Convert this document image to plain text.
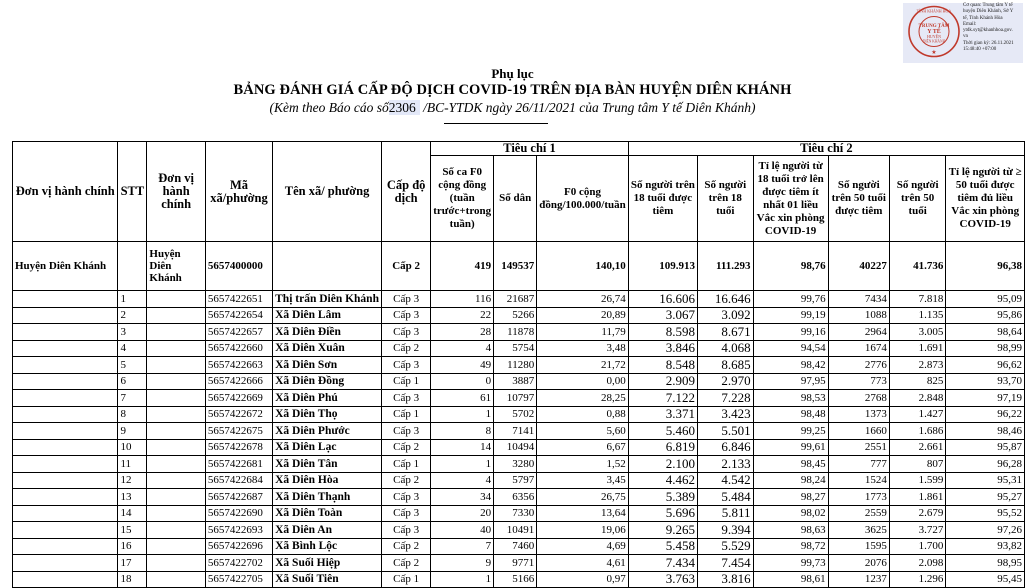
TRUNG TÂM
Y TẾ
HUYỆN
DIÊN KHÁNH
TỈNH KHÁNH HÒA
★
Cơ quan: Trung tâm Y tế
huyện Diên Khánh, Sở Y
tế, Tỉnh Khánh Hòa
Email:
ytdk.syt@khanhhoa.gov.
vn
Thời gian ký: 26.11.2021
15:48:40 +07:00
Phụ lục
BẢNG ĐÁNH GIÁ CẤP ĐỘ DỊCH COVID-19 TRÊN ĐỊA BÀN HUYỆN DIÊN KHÁNH
(Kèm theo Báo cáo số2306 /BC-YTDK ngày 26/11/2021 của Trung tâm Y tế Diên Khánh)
Đơn vị hành chính	STT	Đơn vị hành chính	Mã xã/phường	Tên xã/ phường	Cấp độ dịch	Tiêu chí 1			Tiêu chí 2					
						Số ca F0 cộng đồng (tuần trước+trong tuần)	Số dân	F0 cộng đồng/100.000/tuần	Số người trên 18 tuổi được tiêm	Số người trên 18 tuổi	Tỉ lệ người từ 18 tuổi trở lên được tiêm ít nhất 01 liều Vắc xin phòng COVID-19	Số người trên 50 tuổi được tiêm	Số người trên 50 tuổi	Tỉ lệ người từ ≥ 50 tuổi được tiêm đủ liều Vắc xin phòng COVID-19
Huyện Diên Khánh		Huyện Diên Khánh	5657400000		Cấp 2	419	149537	140,10	109.913	111.293	98,76	40227	41.736	96,38
	1		5657422651	Thị trấn Diên Khánh	Cấp 3	116	21687	26,74	16.606	16.646	99,76	7434	7.818	95,09
	2		5657422654	Xã Diên Lâm	Cấp 3	22	5266	20,89	3.067	3.092	99,19	1088	1.135	95,86
	3		5657422657	Xã Diên Điền	Cấp 3	28	11878	11,79	8.598	8.671	99,16	2964	3.005	98,64
	4		5657422660	Xã Diên Xuân	Cấp 2	4	5754	3,48	3.846	4.068	94,54	1674	1.691	98,99
	5		5657422663	Xã Diên Sơn	Cấp 3	49	11280	21,72	8.548	8.685	98,42	2776	2.873	96,62
	6		5657422666	Xã Diên Đồng	Cấp 1	0	3887	0,00	2.909	2.970	97,95	773	825	93,70
	7		5657422669	Xã Diên Phú	Cấp 3	61	10797	28,25	7.122	7.228	98,53	2768	2.848	97,19
	8		5657422672	Xã Diên Thọ	Cấp 1	1	5702	0,88	3.371	3.423	98,48	1373	1.427	96,22
	9		5657422675	Xã Diên Phước	Cấp 3	8	7141	5,60	5.460	5.501	99,25	1660	1.686	98,46
	10		5657422678	Xã Diên Lạc	Cấp 2	14	10494	6,67	6.819	6.846	99,61	2551	2.661	95,87
	11		5657422681	Xã Diên Tân	Cấp 1	1	3280	1,52	2.100	2.133	98,45	777	807	96,28
	12		5657422684	Xã Diên Hòa	Cấp 2	4	5797	3,45	4.462	4.542	98,24	1524	1.599	95,31
	13		5657422687	Xã Diên Thạnh	Cấp 3	34	6356	26,75	5.389	5.484	98,27	1773	1.861	95,27
	14		5657422690	Xã Diên Toàn	Cấp 3	20	7330	13,64	5.696	5.811	98,02	2559	2.679	95,52
	15		5657422693	Xã Diên An	Cấp 3	40	10491	19,06	9.265	9.394	98,63	3625	3.727	97,26
	16		5657422696	Xã Bình Lộc	Cấp 2	7	7460	4,69	5.458	5.529	98,72	1595	1.700	93,82
	17		5657422702	Xã Suối Hiệp	Cấp 2	9	9771	4,61	7.434	7.454	99,73	2076	2.098	98,95
	18		5657422705	Xã Suối Tiên	Cấp 1	1	5166	0,97	3.763	3.816	98,61	1237	1.296	95,45
